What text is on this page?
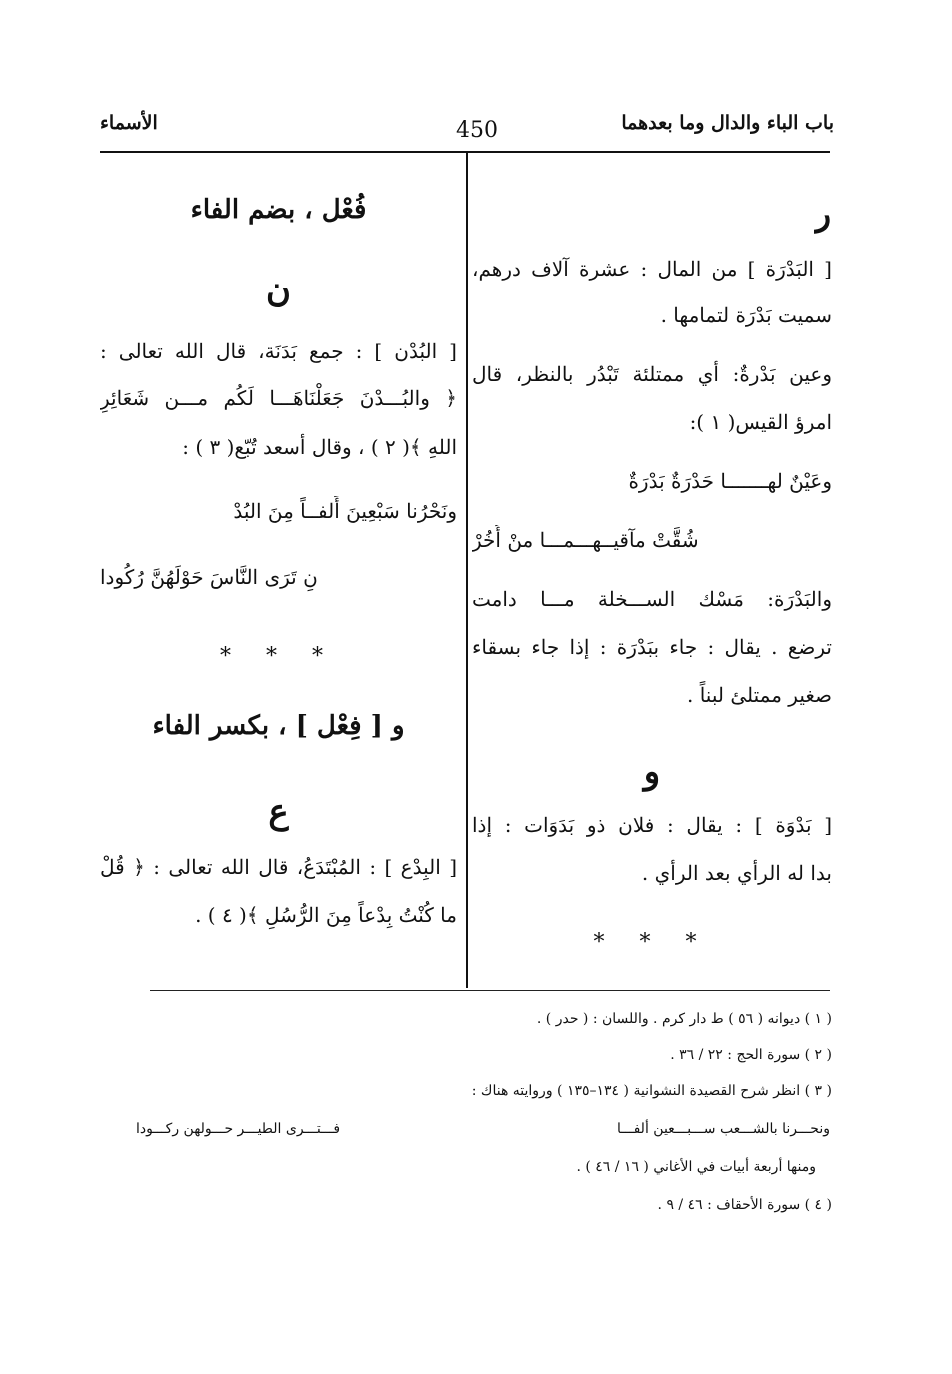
باب الباء والدال وما بعدهما
450
الأسماء
ر
[ البَدْرَة ] من المال : عشرة آلاف درهم،
سميت بَدْرَة لتمامها .
وعين بَدْرةٌ: أي ممتلئة تَبْدُر بالنظر، قال
امرؤ القيس( ١ ):
وعَيْنٌ لهـــــــا حَدْرَةٌ بَدْرَةٌ
شُقَّتْ مآقيــهـــمـــا منْ أُخُرْ
والبَدْرَة: مَسْك الســـخلة مـــا دامت
ترضع . يقال : جاء ببَدْرَة : إذا جاء بسقاء
صغير ممتلئ لبناً .
و
[ بَدْوَة ] : يقال : فلان ذو بَدَوَات : إذا
بدا له الرأي بعد الرأي .
* * *
فُعْل ، بضم الفاء
ن
[ البُدْن ] : جمع بَدَنَة، قال الله تعالى :
﴿ والبُـــدْنَ جَعَلْنَاهَـــا لَكُم مـــن شَعَائِرِ
اللهِ ﴾( ٢ ) ، وقال أسعد تُبّع( ٣ ) :
ونَحْرُنا سَبْعِينَ أَلفــاً مِنَ البُدْ
نِ تَرَى النَّاسَ حَوْلَهُنَّ رُكُودا
* * *
و [ فِعْل ] ، بكسر الفاء
ع
[ البِدْع ] : المُبْتَدَعُ، قال الله تعالى : ﴿ قُلْ
ما كُنْتُ بِدْعاً مِنَ الرُّسُلِ ﴾( ٤ ) .
( ١ ) ديوانه ( ٥٦ ) ط دار كرم . واللسان : ( حدر ) .
( ٢ ) سورة الحج : ٢٢ / ٣٦ .
( ٣ ) انظر شرح القصيدة النشوانية ( ١٣٤–١٣٥ ) وروايته هناك :
ونحـــرنا بالشـــعب ســـبـــعين ألفـــا
فـــتـــرى الطيـــر حـــولهن ركـــودا
ومنها أربعة أبيات في الأغاني ( ١٦ / ٤٦ ) .
( ٤ ) سورة الأحقاف : ٤٦ / ٩ .
